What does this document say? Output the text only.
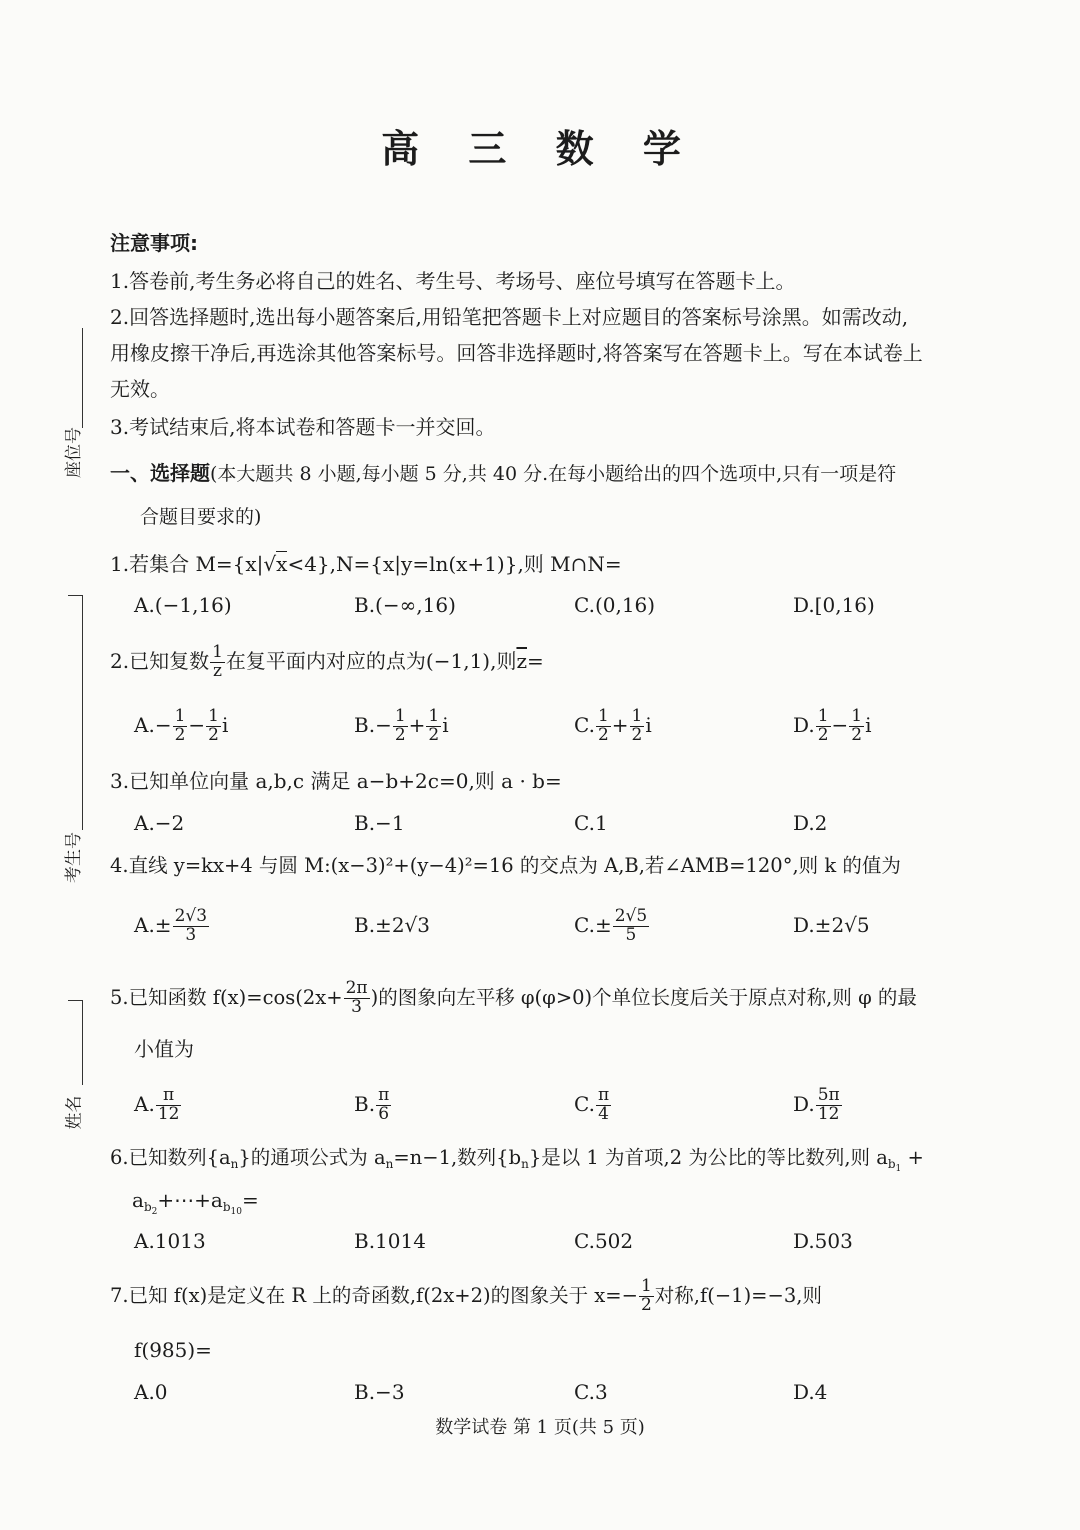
高 三 数 学
座位号
考生号
姓名
注意事项:
1.答卷前,考生务必将自己的姓名、考生号、考场号、座位号填写在答题卡上。
2.回答选择题时,选出每小题答案后,用铅笔把答题卡上对应题目的答案标号涂黑。如需改动,
用橡皮擦干净后,再选涂其他答案标号。回答非选择题时,将答案写在答题卡上。写在本试卷上
无效。
3.考试结束后,将本试卷和答题卡一并交回。
一、选择题(本大题共 8 小题,每小题 5 分,共 40 分.在每小题给出的四个选项中,只有一项是符
合题目要求的)
1.若集合 M={x|√x<4},N={x|y=ln(x+1)},则 M∩N=
A.(−1,16)	B.(−∞,16)	C.(0,16)	D.[0,16)
2.已知复数 $\frac{1}{z}$ 在复平面内对应的点为(−1,1),则$\overline{z}=$
$A.- \frac{1}{2} - \frac{1}{2}$ i	$B.- \frac{1}{2} + \frac{1}{2}$ i	C. $\frac{1}{2} + \frac{1}{2}$ i	D. $\frac{1}{2} - \frac{1}{2}$ i
3.已知单位向量 a,b,c 满足 a−b+2c=0,则 a · b=
A.−2	B.−1	C.1	D.2
4.直线 y=kx+4 与圆 M:(x−3)²+(y−4)²=16 的交点为 A,B,若∠AMB=120°,则 k 的值为
$A.\pm \frac{2√3}{3}$	B.±2√3	$C.\pm \frac{2√5}{5}$	D.±2√5
5.已知函数 $f(x)=\cos(2x+ \frac{2\pi}{3}$ )的图象向左平移 φ(φ>0)个单位长度后关于原点对称,则 φ 的最
小值为
A. $\frac{\pi}{12}$	B. $\frac{\pi}{6}$	C. $\frac{\pi}{4}$	D. $\frac{5\pi}{12}$
6.已知数列$\{a_n\}$的通项公式为 $a_n=n-1$,数列$\{b_n\}$是以 1 为首项,2 为公比的等比数列,则 $a_{b_1}$ +
$a_{b_2}+\cdots+a_{b_{10}}=$
A.1013	B.1014	C.502	D.503
7.已知 f(x)是定义在 R 上的奇函数,f(2x+2)的图象关于 $x=- \frac{1}{2}$ 对称,f(−1)=−3,则
f(985)=
A.0	B.−3	C.3	D.4
数学试卷 第 1 页(共 5 页)
